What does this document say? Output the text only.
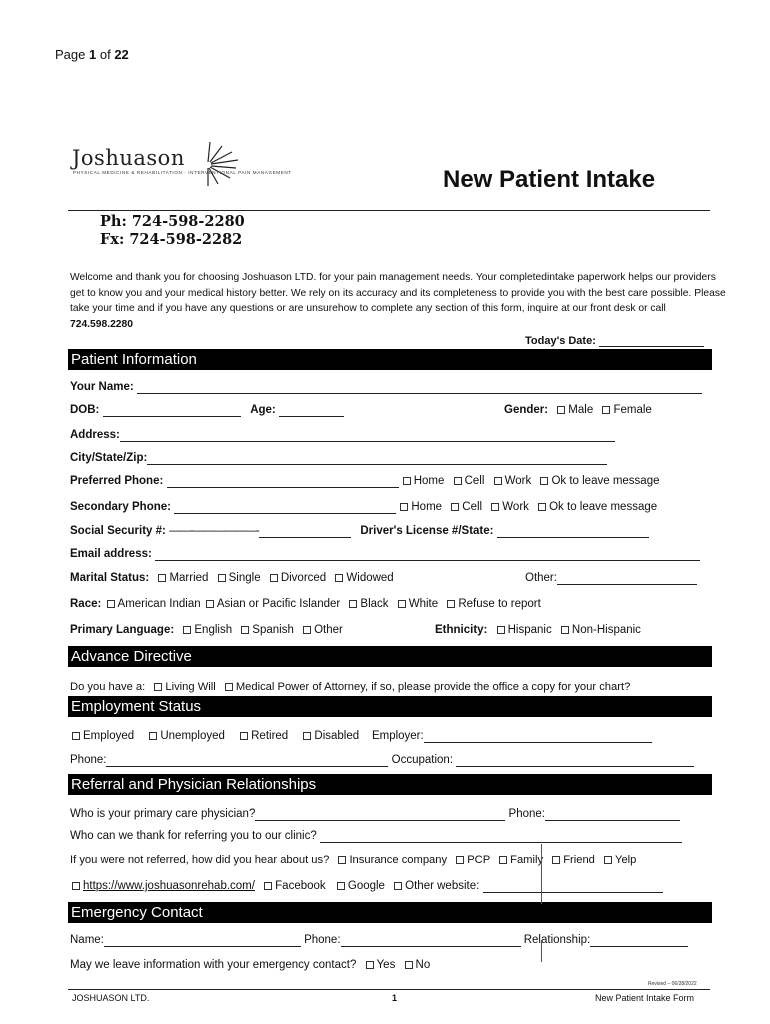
Page 1 of 22
Joshuason
PHYSICAL MEDICINE & REHABILITATION · INTERVENTIONAL PAIN MANAGEMENT	New Patient Intake
Ph: 724-598-2280
Fx: 724-598-2282
Welcome and thank you for choosing Joshuason LTD. for your pain management needs. Your completedintake paperwork helps our providers get to know you and your medical history better. We rely on its accuracy and its completeness to provide you with the best care possible. Please take your time and if you have any questions or are unsurehow to complete any section of this form, inquire at our front desk or call 724.598.2280
Today's Date:
Patient Information
Your Name:
DOB:	Age:	Gender: Male Female
Address:
City/State/Zip:
Preferred Phone:	Home Cell Work Ok to leave message
Secondary Phone:	Home Cell Work Ok to leave message
Social Security #: ——-——————-	Driver's License #/State:
Email address:
Marital Status: Married Single Divorced Widowed	Other:
Race: American Indian Asian or Pacific Islander Black White Refuse to report
Primary Language: English Spanish Other	Ethnicity: Hispanic Non-Hispanic
Advance Directive
Do you have a: Living Will Medical Power of Attorney, if so, please provide the office a copy for your chart?
Employment Status
Employed Unemployed Retired Disabled Employer:
Phone:	Occupation:
Referral and Physician Relationships
Who is your primary care physician?	Phone:
Who can we thank for referring you to our clinic?
If you were not referred, how did you hear about us? Insurance company PCP Family Friend Yelp
https://www.joshuasonrehab.com/ Facebook Google Other website:
Emergency Contact
Name:	Phone:	Relationship:
May we leave information with your emergency contact? Yes No
Revised – 06/28/2022
JOSHUASON LTD.	1	New Patient Intake Form
